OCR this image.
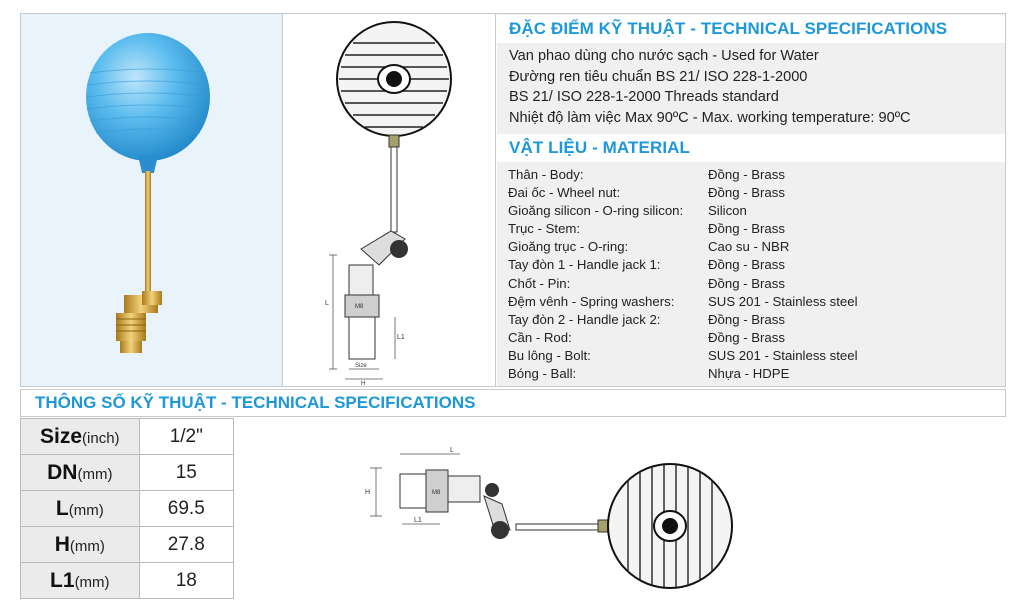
L	M8
L1
Size
H
ĐẶC ĐIỂM KỸ THUẬT - TECHNICAL SPECIFICATIONS
Van phao dùng cho nước sạch - Used for Water
Đường ren tiêu chuẩn BS 21/ ISO 228-1-2000
BS 21/ ISO 228-1-2000 Threads standard
Nhiệt độ làm việc Max 90ºC - Max. working temperature: 90ºC
VẬT LIỆU - MATERIAL
Thân - Body:	Đồng - Brass
Đai ốc - Wheel nut:	Đồng - Brass
Gioăng silicon - O-ring silicon:	Silicon
Trục - Stem:	Đồng - Brass
Gioăng trục - O-ring:	Cao su - NBR
Tay đòn 1 - Handle jack 1:	Đồng - Brass
Chốt - Pin:	Đồng - Brass
Đệm vênh - Spring washers:	SUS 201 - Stainless steel
Tay đòn 2 - Handle jack 2:	Đồng - Brass
Cần - Rod:	Đồng - Brass
Bu lông - Bolt:	SUS 201 - Stainless steel
Bóng - Ball:	Nhựa - HDPE
THÔNG SỐ KỸ THUẬT - TECHNICAL SPECIFICATIONS
Size(inch)	1/2"
DN(mm)	15
L(mm)	69.5
H(mm)	27.8
L1(mm)	18
L
H	M8
L1
